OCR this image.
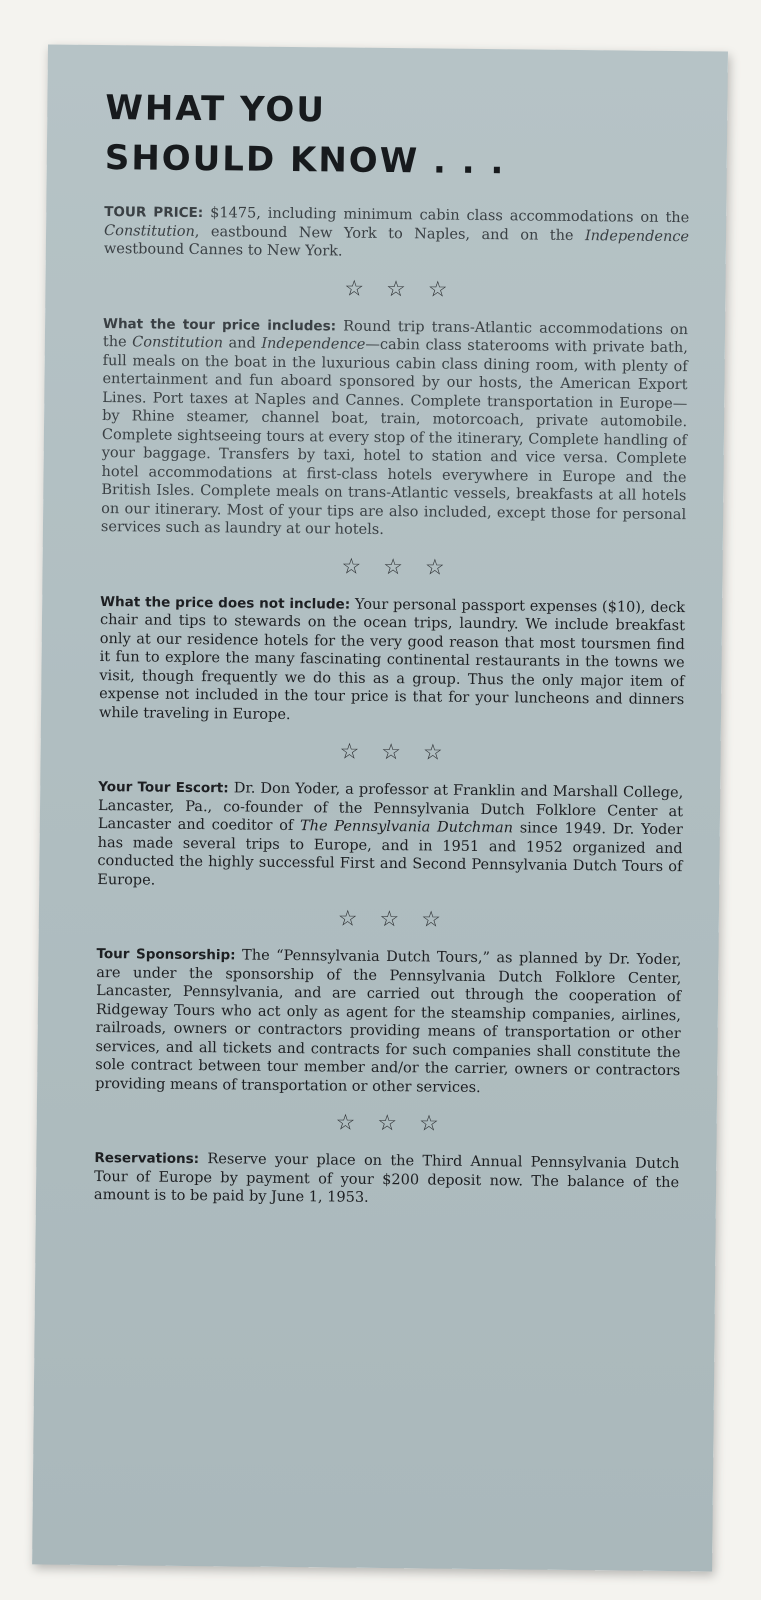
WHAT YOU
SHOULD KNOW . . .

TOUR PRICE: $1475, including minimum cabin class accommodations on the Constitution, eastbound New York to Naples, and on the Independence westbound Cannes to New York.

☆☆☆

What the tour price includes: Round trip trans-Atlantic accommodations on the Constitution and Independence—cabin class staterooms with private bath, full meals on the boat in the luxurious cabin class dining room, with plenty of entertainment and fun aboard sponsored by our hosts, the American Export Lines. Port taxes at Naples and Cannes. Complete transportation in Europe—by Rhine steamer, channel boat, train, motorcoach, private automobile. Complete sightseeing tours at every stop of the itinerary, Complete handling of your baggage. Transfers by taxi, hotel to station and vice versa. Complete hotel accommodations at first-class hotels everywhere in Europe and the British Isles. Complete meals on trans-Atlantic vessels, breakfasts at all hotels on our itinerary. Most of your tips are also included, except those for personal services such as laundry at our hotels.

☆☆☆

What the price does not include: Your personal passport expenses ($10), deck chair and tips to stewards on the ocean trips, laundry. We include breakfast only at our residence hotels for the very good reason that most toursmen find it fun to explore the many fascinating continental restaurants in the towns we visit, though frequently we do this as a group. Thus the only major item of expense not included in the tour price is that for your luncheons and dinners while traveling in Europe.

☆☆☆

Your Tour Escort: Dr. Don Yoder, a professor at Franklin and Marshall College, Lancaster, Pa., co-founder of the Pennsylvania Dutch Folklore Center at Lancaster and coeditor of The Pennsylvania Dutchman since 1949. Dr. Yoder has made several trips to Europe, and in 1951 and 1952 organized and conducted the highly successful First and Second Pennsylvania Dutch Tours of Europe.

☆☆☆

Tour Sponsorship: The “Pennsylvania Dutch Tours,” as planned by Dr. Yoder, are under the sponsorship of the Pennsylvania Dutch Folklore Center, Lancaster, Pennsylvania, and are carried out through the cooperation of Ridgeway Tours who act only as agent for the steamship companies, airlines, railroads, owners or contractors providing means of transportation or other services, and all tickets and contracts for such companies shall constitute the sole contract between tour member and/or the carrier, owners or contractors providing means of transportation or other services.

☆☆☆

Reservations: Reserve your place on the Third Annual Pennsylvania Dutch Tour of Europe by payment of your $200 deposit now. The balance of the amount is to be paid by June 1, 1953.
